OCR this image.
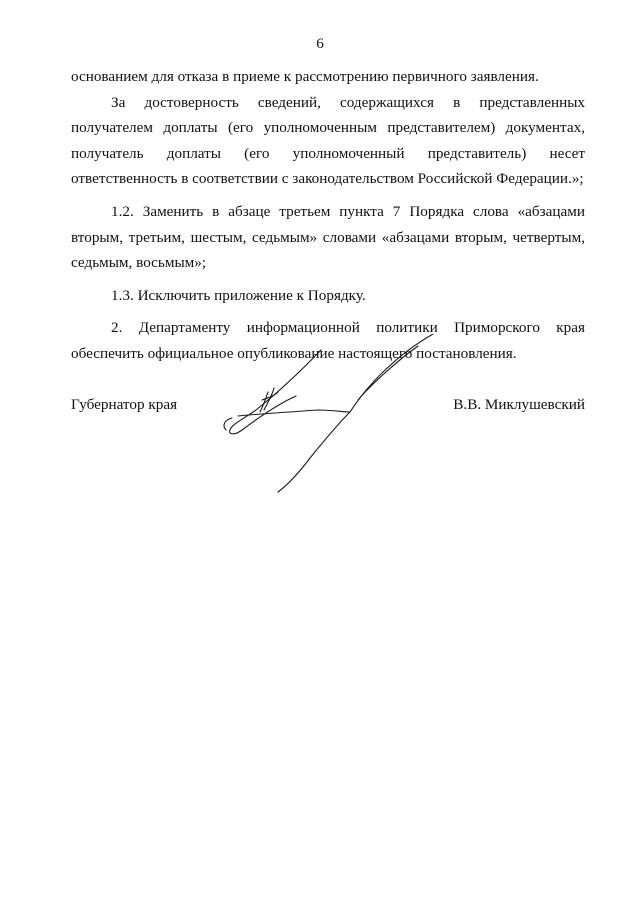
6

основанием для отказа в приеме к рассмотрению первичного заявления.

За достоверность сведений, содержащихся в представленных

получателем доплаты (его уполномоченным представителем) документах,

получатель доплаты (его уполномоченный представитель) несет

ответственность в соответствии с законодательством Российской Федерации.»;

1.2. Заменить в абзаце третьем пункта 7 Порядка слова «абзацами

вторым, третьим, шестым, седьмым» словами «абзацами вторым, четвертым,

седьмым, восьмым»;

1.3. Исключить приложение к Порядку.

2. Департаменту информационной политики Приморского края

обеспечить официальное опубликование настоящего постановления.

Губернатор края	В.В. Миклушевский
